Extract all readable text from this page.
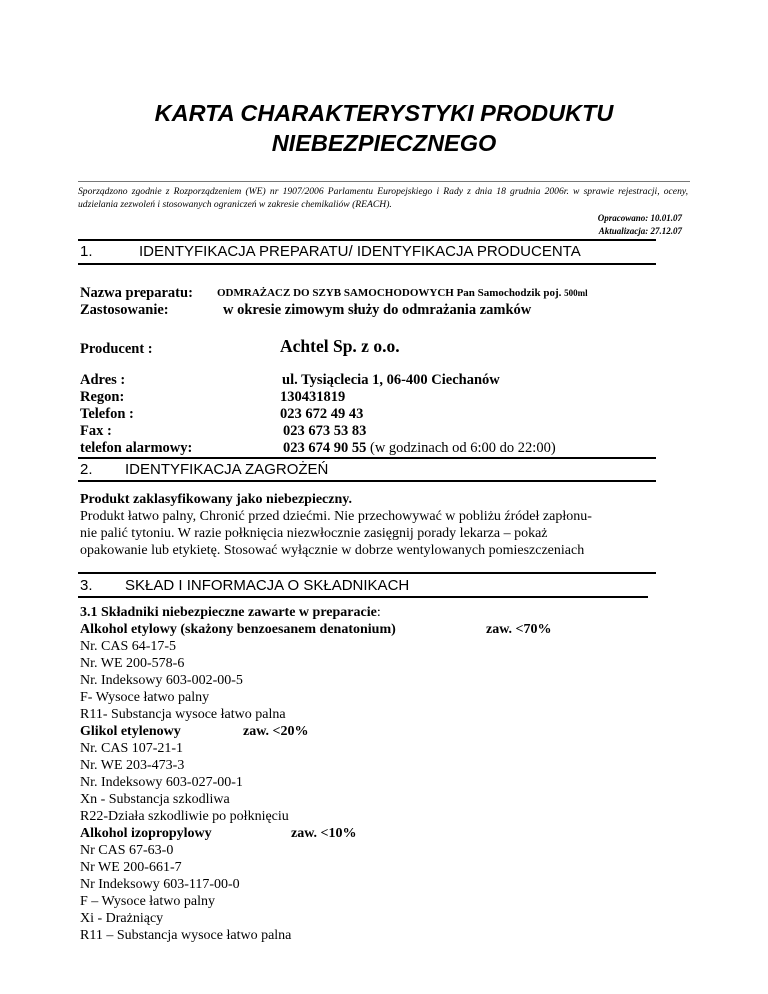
KARTA CHARAKTERYSTYKI PRODUKTU
NIEBEZPIECZNEGO
Sporządzono zgodnie z Rozporządzeniem (WE) nr 1907/2006 Parlamentu Europejskiego i Rady z dnia 18 grudnia 2006r. w sprawie rejestracji, oceny, udzielania zezwoleń i stosowanych ograniczeń w zakresie chemikaliów (REACH).
Opracowano: 10.01.07
Aktualizacja: 27.12.07
1.	IDENTYFIKACJA PREPARATU/ IDENTYFIKACJA PRODUCENTA
Nazwa preparatu: ODMRAŻACZ DO SZYB SAMOCHODOWYCH Pan Samochodzik poj. 500ml
Zastosowanie:	w okresie zimowym służy do odmrażania zamków
Producent :	Achtel Sp. z o.o.
Adres :	ul. Tysiąclecia 1, 06-400 Ciechanów
Regon:	130431819
Telefon :	023 672 49 43
Fax :	023 673 53 83
telefon alarmowy:	023 674 90 55 (w godzinach od 6:00 do 22:00)
2. IDENTYFIKACJA ZAGROŻEŃ
Produkt zaklasyfikowany jako niebezpieczny.
Produkt łatwo palny, Chronić przed dziećmi. Nie przechowywać w pobliżu źródeł zapłonu-
nie palić tytoniu. W razie połknięcia niezwłocznie zasięgnij porady lekarza – pokaż
opakowanie lub etykietę. Stosować wyłącznie w dobrze wentylowanych pomieszczeniach
3. SKŁAD I INFORMACJA O SKŁADNIKACH
3.1 Składniki niebezpieczne zawarte w preparacie:
Alkohol etylowy (skażony benzoesanem denatonium)	zaw. <70%
Nr. CAS 64-17-5
Nr. WE 200-578-6
Nr. Indeksowy 603-002-00-5
F- Wysoce łatwo palny
R11- Substancja wysoce łatwo palna
Glikol etylenowy	zaw. <20%
Nr. CAS 107-21-1
Nr. WE 203-473-3
Nr. Indeksowy 603-027-00-1
Xn - Substancja szkodliwa
R22-Działa szkodliwie po połknięciu
Alkohol izopropylowy	zaw. <10%
Nr CAS 67-63-0
Nr WE 200-661-7
Nr Indeksowy 603-117-00-0
F – Wysoce łatwo palny
Xi - Drażniący
R11 – Substancja wysoce łatwo palna
